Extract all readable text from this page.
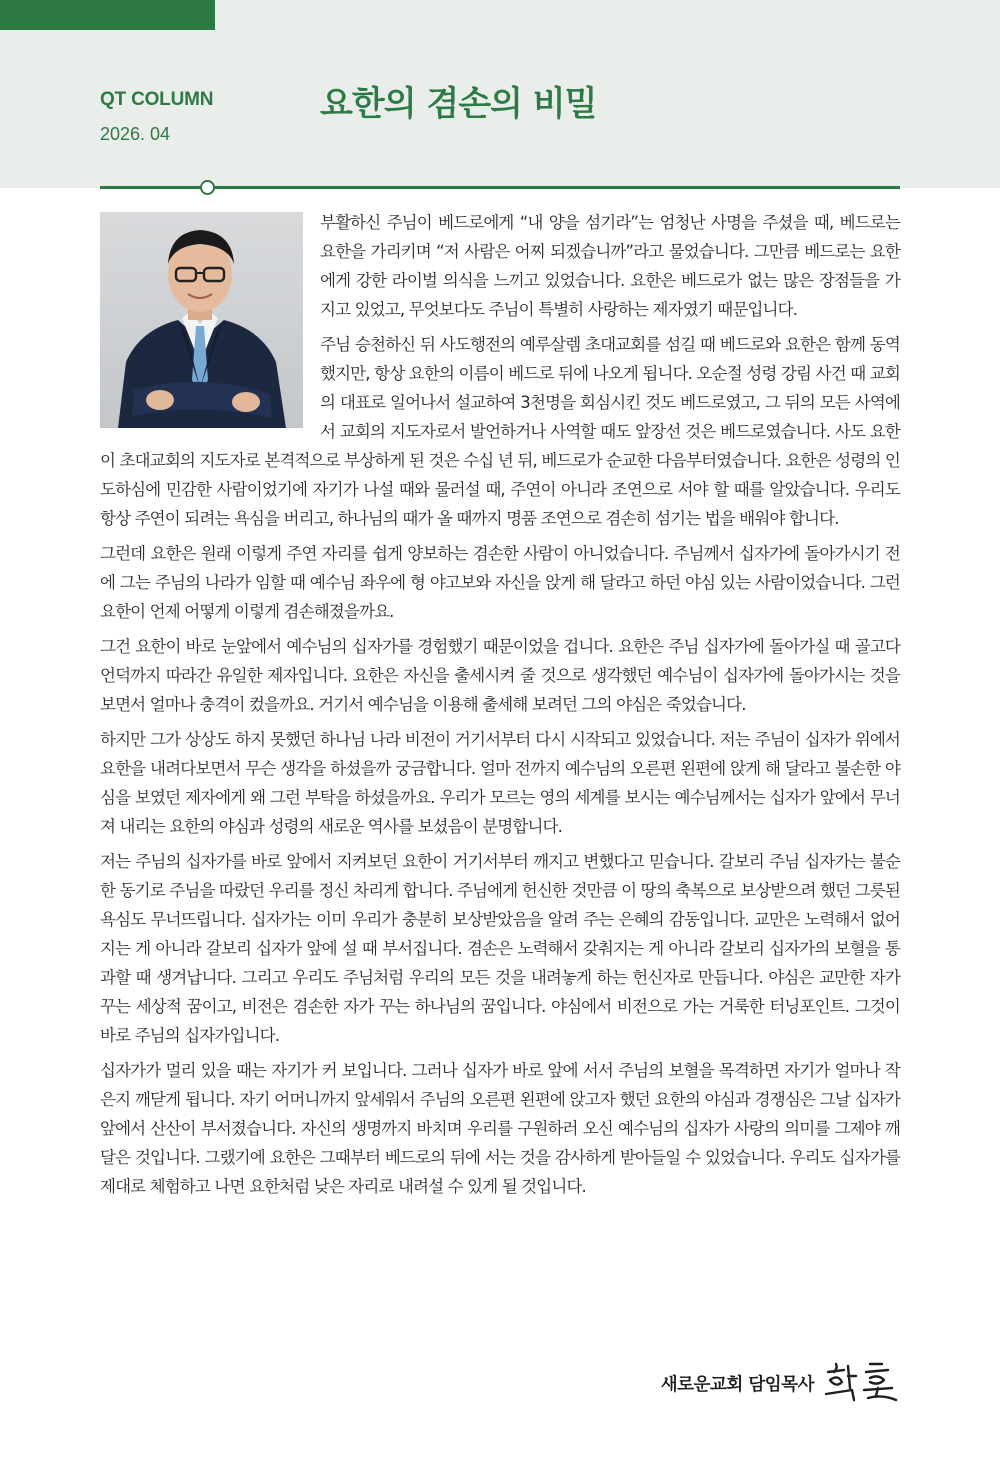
QT COLUMN
2026. 04
요한의 겸손의 비밀

부활하신 주님이 베드로에게 “내 양을 섬기라”는 엄청난 사명을 주셨을 때, 베드로는 요한을 가리키며 “저 사람은 어찌 되겠습니까”라고 물었습니다. 그만큼 베드로는 요한에게 강한 라이벌 의식을 느끼고 있었습니다. 요한은 베드로가 없는 많은 장점들을 가지고 있었고, 무엇보다도 주님이 특별히 사랑하는 제자였기 때문입니다.

주님 승천하신 뒤 사도행전의 예루살렘 초대교회를 섬길 때 베드로와 요한은 함께 동역했지만, 항상 요한의 이름이 베드로 뒤에 나오게 됩니다. 오순절 성령 강림 사건 때 교회의 대표로 일어나서 설교하여 3천명을 회심시킨 것도 베드로였고, 그 뒤의 모든 사역에서 교회의 지도자로서 발언하거나 사역할 때도 앞장선 것은 베드로였습니다. 사도 요한이 초대교회의 지도자로 본격적으로 부상하게 된 것은 수십 년 뒤, 베드로가 순교한 다음부터였습니다. 요한은 성령의 인도하심에 민감한 사람이었기에 자기가 나설 때와 물러설 때, 주연이 아니라 조연으로 서야 할 때를 알았습니다. 우리도 항상 주연이 되려는 욕심을 버리고, 하나님의 때가 올 때까지 명품 조연으로 겸손히 섬기는 법을 배워야 합니다.

그런데 요한은 원래 이렇게 주연 자리를 쉽게 양보하는 겸손한 사람이 아니었습니다. 주님께서 십자가에 돌아가시기 전에 그는 주님의 나라가 임할 때 예수님 좌우에 형 야고보와 자신을 앉게 해 달라고 하던 야심 있는 사람이었습니다. 그런 요한이 언제 어떻게 이렇게 겸손해졌을까요.

그건 요한이 바로 눈앞에서 예수님의 십자가를 경험했기 때문이었을 겁니다. 요한은 주님 십자가에 돌아가실 때 골고다 언덕까지 따라간 유일한 제자입니다. 요한은 자신을 출세시켜 줄 것으로 생각했던 예수님이 십자가에 돌아가시는 것을 보면서 얼마나 충격이 컸을까요. 거기서 예수님을 이용해 출세해 보려던 그의 야심은 죽었습니다.

하지만 그가 상상도 하지 못했던 하나님 나라 비전이 거기서부터 다시 시작되고 있었습니다. 저는 주님이 십자가 위에서 요한을 내려다보면서 무슨 생각을 하셨을까 궁금합니다. 얼마 전까지 예수님의 오른편 왼편에 앉게 해 달라고 불손한 야심을 보였던 제자에게 왜 그런 부탁을 하셨을까요. 우리가 모르는 영의 세계를 보시는 예수님께서는 십자가 앞에서 무너져 내리는 요한의 야심과 성령의 새로운 역사를 보셨음이 분명합니다.

저는 주님의 십자가를 바로 앞에서 지켜보던 요한이 거기서부터 깨지고 변했다고 믿습니다. 갈보리 주님 십자가는 불순한 동기로 주님을 따랐던 우리를 정신 차리게 합니다. 주님에게 헌신한 것만큼 이 땅의 축복으로 보상받으려 했던 그릇된 욕심도 무너뜨립니다. 십자가는 이미 우리가 충분히 보상받았음을 알려 주는 은혜의 감동입니다. 교만은 노력해서 없어지는 게 아니라 갈보리 십자가 앞에 설 때 부서집니다. 겸손은 노력해서 갖춰지는 게 아니라 갈보리 십자가의 보혈을 통과할 때 생겨납니다. 그리고 우리도 주님처럼 우리의 모든 것을 내려놓게 하는 헌신자로 만듭니다. 야심은 교만한 자가 꾸는 세상적 꿈이고, 비전은 겸손한 자가 꾸는 하나님의 꿈입니다. 야심에서 비전으로 가는 거룩한 터닝포인트. 그것이 바로 주님의 십자가입니다.

십자가가 멀리 있을 때는 자기가 커 보입니다. 그러나 십자가 바로 앞에 서서 주님의 보혈을 목격하면 자기가 얼마나 작은지 깨닫게 됩니다. 자기 어머니까지 앞세워서 주님의 오른편 왼편에 앉고자 했던 요한의 야심과 경쟁심은 그날 십자가 앞에서 산산이 부서졌습니다. 자신의 생명까지 바치며 우리를 구원하러 오신 예수님의 십자가 사랑의 의미를 그제야 깨달은 것입니다. 그랬기에 요한은 그때부터 베드로의 뒤에 서는 것을 감사하게 받아들일 수 있었습니다. 우리도 십자가를 제대로 체험하고 나면 요한처럼 낮은 자리로 내려설 수 있게 될 것입니다.

새로운교회 담임목사
